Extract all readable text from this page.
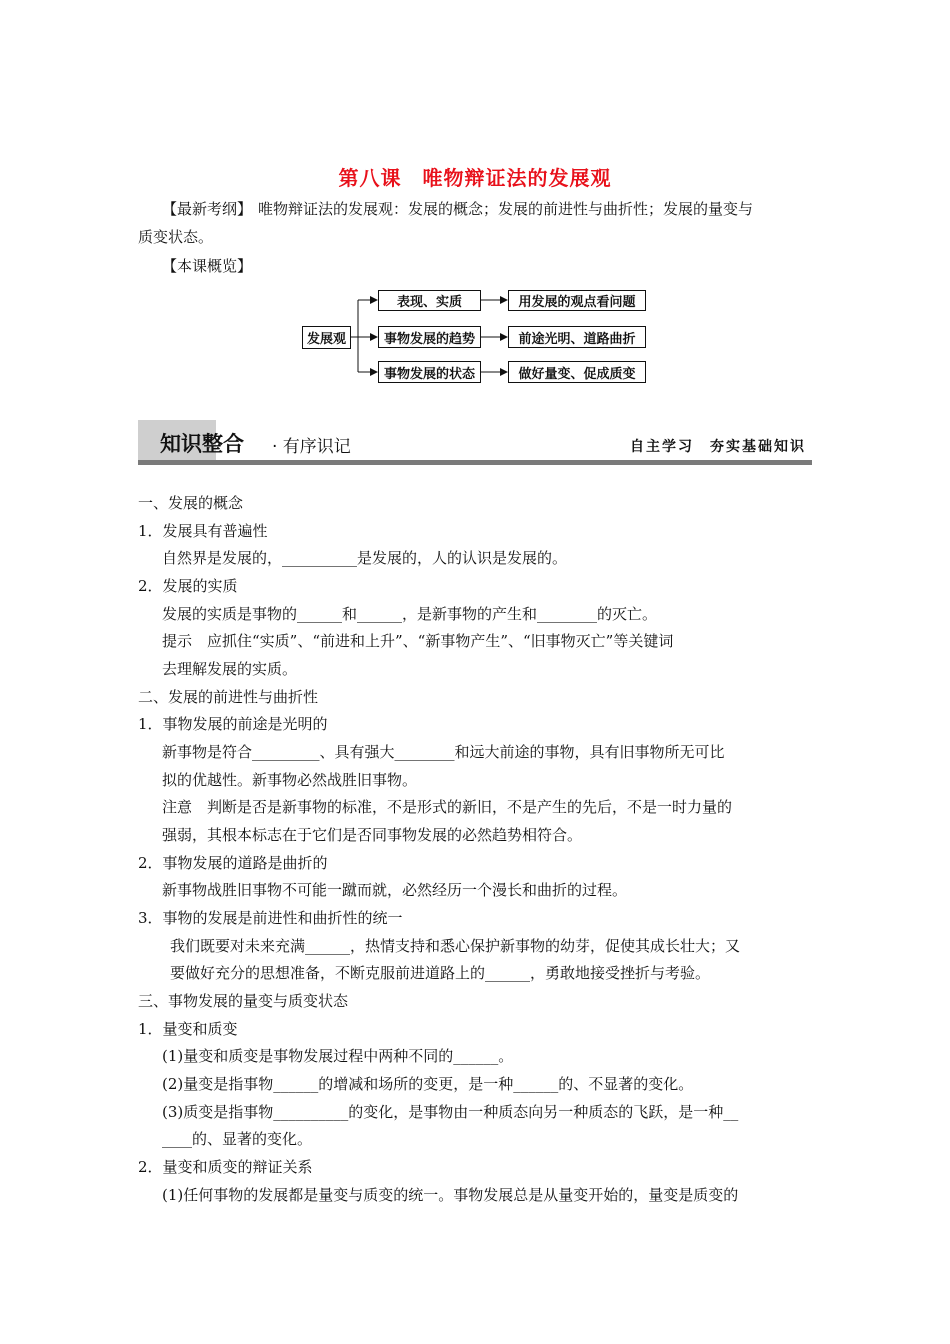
第八课　唯物辩证法的发展观
【最新考纲】 唯物辩证法的发展观：发展的概念；发展的前进性与曲折性；发展的量变与
质变状态。
【本课概览】
发展观
表现、实质
事物发展的趋势
事物发展的状态
用发展的观点看问题
前途光明、道路曲折
做好量变、促成质变
知识整合 · 有序识记	自主学习　夯实基础知识
一、发展的概念
1．发展具有普遍性
自然界是发展的，__________是发展的，人的认识是发展的。
2．发展的实质
发展的实质是事物的______和______，是新事物的产生和________的灭亡。
提示　应抓住“实质”、“前进和上升”、“新事物产生”、“旧事物灭亡”等关键词
去理解发展的实质。
二、发展的前进性与曲折性
1．事物发展的前途是光明的
新事物是符合_________、具有强大________和远大前途的事物，具有旧事物所无可比
拟的优越性。新事物必然战胜旧事物。
注意　判断是否是新事物的标准，不是形式的新旧，不是产生的先后，不是一时力量的
强弱，其根本标志在于它们是否同事物发展的必然趋势相符合。
2．事物发展的道路是曲折的
新事物战胜旧事物不可能一蹴而就，必然经历一个漫长和曲折的过程。
3．事物的发展是前进性和曲折性的统一
我们既要对未来充满______，热情支持和悉心保护新事物的幼芽，促使其成长壮大；又
要做好充分的思想准备，不断克服前进道路上的______，勇敢地接受挫折与考验。
三、事物发展的量变与质变状态
1．量变和质变
(1)量变和质变是事物发展过程中两种不同的______。
(2)量变是指事物______的增减和场所的变更，是一种______的、不显著的变化。
(3)质变是指事物__________的变化，是事物由一种质态向另一种质态的飞跃，是一种__
____的、显著的变化。
2．量变和质变的辩证关系
(1)任何事物的发展都是量变与质变的统一。事物发展总是从量变开始的，量变是质变的
